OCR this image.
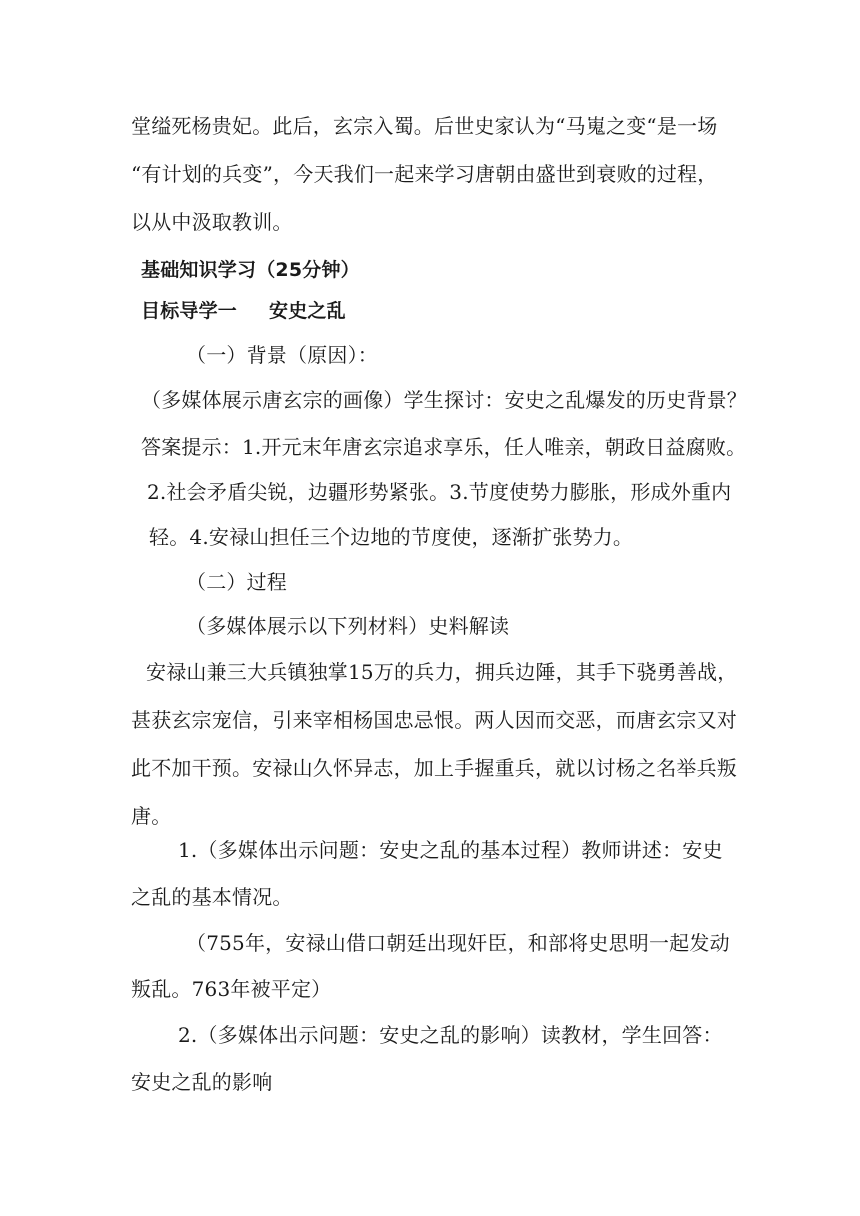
堂缢死杨贵妃。此后，玄宗入蜀。后世史家认为“马嵬之变“是一场
“有计划的兵变”，今天我们一起来学习唐朝由盛世到衰败的过程，
以从中汲取教训。
基础知识学习（25分钟）
目标导学一 安史之乱
（一）背景（原因）：
（多媒体展示唐玄宗的画像）学生探讨：安史之乱爆发的历史背景？
答案提示：1.开元末年唐玄宗追求享乐，任人唯亲，朝政日益腐败。
2.社会矛盾尖锐，边疆形势紧张。3.节度使势力膨胀，形成外重内
轻。4.安禄山担任三个边地的节度使，逐渐扩张势力。
（二）过程
（多媒体展示以下列材料）史料解读
安禄山兼三大兵镇独掌15万的兵力，拥兵边陲，其手下骁勇善战，
甚获玄宗宠信，引来宰相杨国忠忌恨。两人因而交恶，而唐玄宗又对
此不加干预。安禄山久怀异志，加上手握重兵，就以讨杨之名举兵叛
唐。
1.（多媒体出示问题：安史之乱的基本过程）教师讲述：安史
之乱的基本情况。
（755年，安禄山借口朝廷出现奸臣，和部将史思明一起发动
叛乱。763年被平定）
2.（多媒体出示问题：安史之乱的影响）读教材，学生回答：
安史之乱的影响
